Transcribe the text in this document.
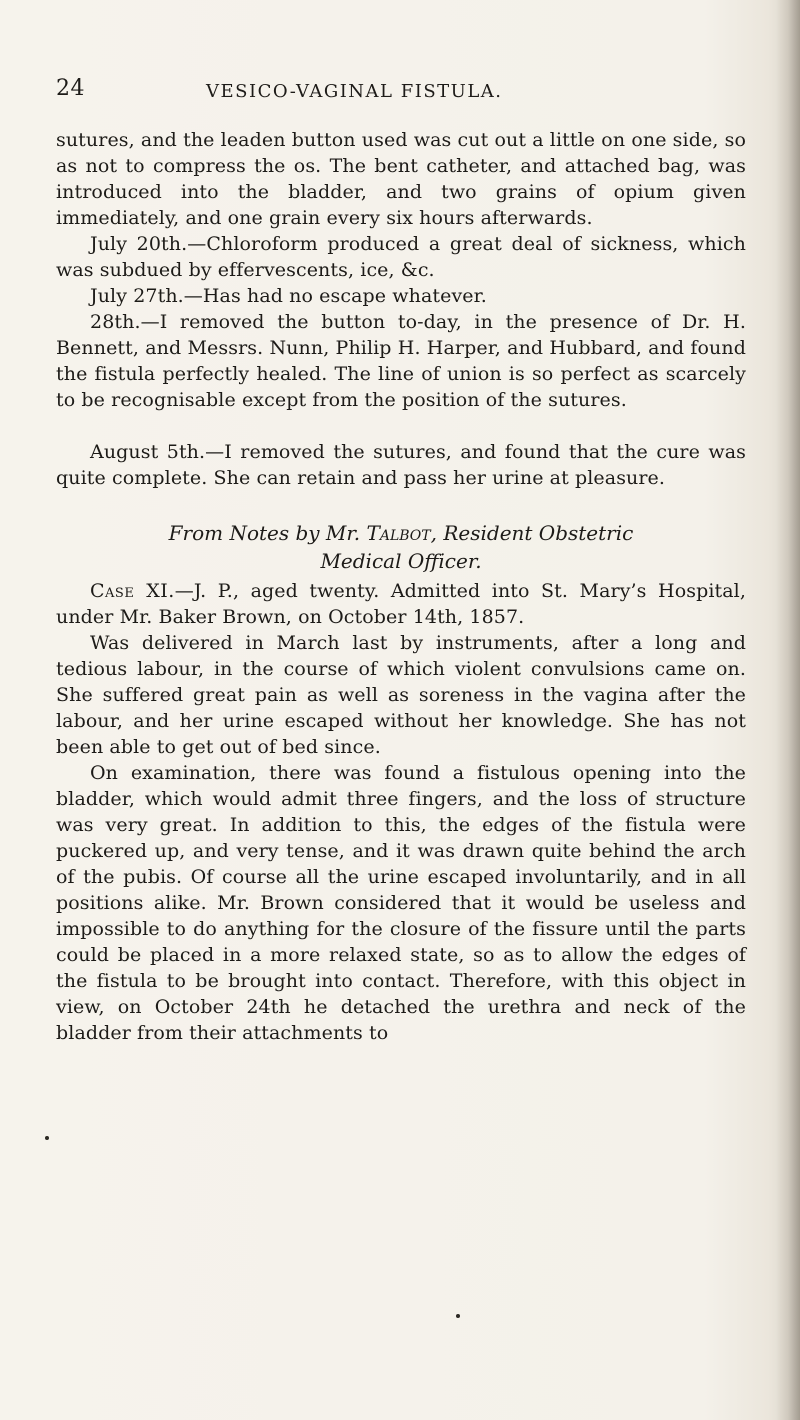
24	VESICO-VAGINAL FISTULA.
sutures, and the leaden button used was cut out a little on one side, so as not to compress the os. The bent catheter, and attached bag, was introduced into the bladder, and two grains of opium given immediately, and one grain every six hours afterwards.
July 20th.—Chloroform produced a great deal of sickness, which was subdued by effervescents, ice, &c.
July 27th.—Has had no escape whatever.
28th.—I removed the button to-day, in the presence of Dr. H. Bennett, and Messrs. Nunn, Philip H. Harper, and Hubbard, and found the fistula perfectly healed. The line of union is so perfect as scarcely to be recognisable except from the position of the sutures.
August 5th.—I removed the sutures, and found that the cure was quite complete. She can retain and pass her urine at pleasure.
From Notes by Mr. Talbot, Resident Obstetric
Medical Officer.
Case XI.—J. P., aged twenty. Admitted into St. Mary’s Hospital, under Mr. Baker Brown, on October 14th, 1857.
Was delivered in March last by instruments, after a long and tedious labour, in the course of which violent convulsions came on. She suffered great pain as well as soreness in the vagina after the labour, and her urine escaped without her knowledge. She has not been able to get out of bed since.
On examination, there was found a fistulous opening into the bladder, which would admit three fingers, and the loss of structure was very great. In addition to this, the edges of the fistula were puckered up, and very tense, and it was drawn quite behind the arch of the pubis. Of course all the urine escaped involuntarily, and in all positions alike. Mr. Brown considered that it would be useless and impossible to do anything for the closure of the fissure until the parts could be placed in a more relaxed state, so as to allow the edges of the fistula to be brought into contact. Therefore, with this object in view, on October 24th he detached the urethra and neck of the bladder from their attachments to
